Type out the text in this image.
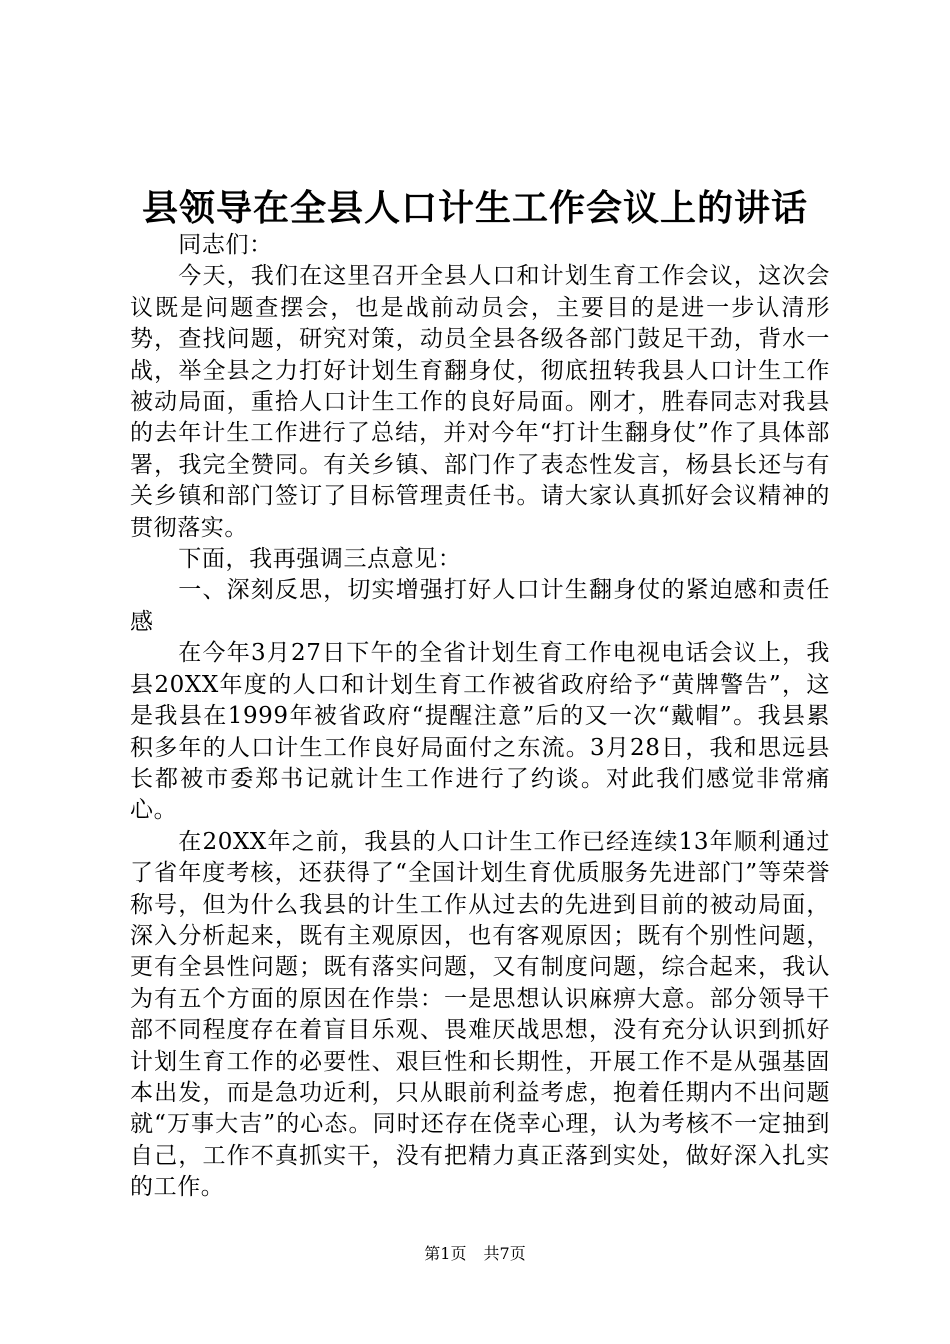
县领导在全县人口计生工作会议上的讲话

同志们：

今天，我们在这里召开全县人口和计划生育工作会议，这次会议既是问题查摆会，也是战前动员会，主要目的是进一步认清形势，查找问题，研究对策，动员全县各级各部门鼓足干劲，背水一战，举全县之力打好计划生育翻身仗，彻底扭转我县人口计生工作被动局面，重拾人口计生工作的良好局面。刚才，胜春同志对我县的去年计生工作进行了总结，并对今年“打计生翻身仗”作了具体部署，我完全赞同。有关乡镇、部门作了表态性发言，杨县长还与有关乡镇和部门签订了目标管理责任书。请大家认真抓好会议精神的贯彻落实。

下面，我再强调三点意见：

一、深刻反思，切实增强打好人口计生翻身仗的紧迫感和责任感

在今年3月27日下午的全省计划生育工作电视电话会议上，我县20XX年度的人口和计划生育工作被省政府给予“黄牌警告”，这是我县在1999年被省政府“提醒注意”后的又一次“戴帽”。我县累积多年的人口计生工作良好局面付之东流。3月28日，我和思远县长都被市委郑书记就计生工作进行了约谈。对此我们感觉非常痛心。

在20XX年之前，我县的人口计生工作已经连续13年顺利通过了省年度考核，还获得了“全国计划生育优质服务先进部门”等荣誉称号，但为什么我县的计生工作从过去的先进到目前的被动局面，深入分析起来，既有主观原因，也有客观原因；既有个别性问题，更有全县性问题；既有落实问题，又有制度问题，综合起来，我认为有五个方面的原因在作祟：一是思想认识麻痹大意。部分领导干部不同程度存在着盲目乐观、畏难厌战思想，没有充分认识到抓好计划生育工作的必要性、艰巨性和长期性，开展工作不是从强基固本出发，而是急功近利，只从眼前利益考虑，抱着任期内不出问题就“万事大吉”的心态。同时还存在侥幸心理，认为考核不一定抽到自己，工作不真抓实干，没有把精力真正落到实处，做好深入扎实的工作。

第1页 共7页
